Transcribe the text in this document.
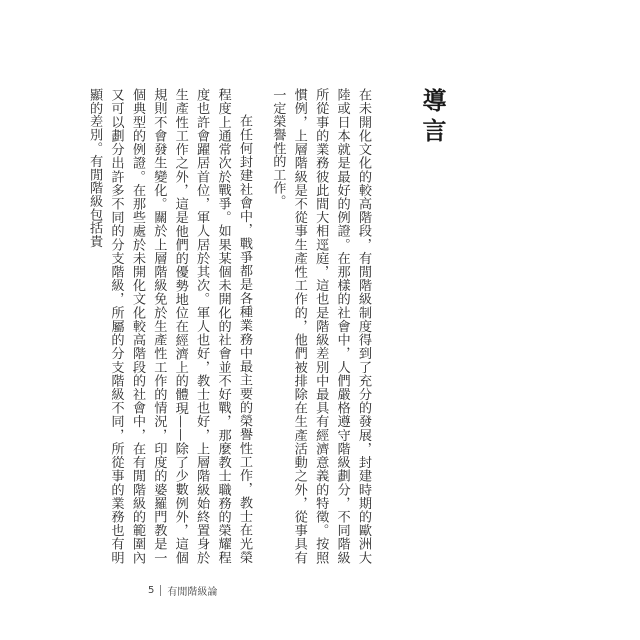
導言

在未開化文化的較高階段，有閒階級制度得到了充分的發展，封建時期的歐洲大陸或日本就是最好的例證。在那樣的社會中，人們嚴格遵守階級劃分，不同階級所從事的業務彼此間大相逕庭，這也是階級差別中最具有經濟意義的特徵。按照慣例，上層階級是不從事生產性工作的，他們被排除在生產活動之外，從事具有一定榮譽性的工作。

在任何封建社會中，戰爭都是各種業務中最主要的榮譽性工作，教士在光榮程度上通常次於戰爭。如果某個未開化的社會並不好戰，那麼教士職務的榮耀程度也許會躍居首位，軍人居於其次。軍人也好，教士也好，上層階級始終置身於生產性工作之外，這是他們的優勢地位在經濟上的體現——除了少數例外，這個規則不會發生變化。關於上層階級免於生產性工作的情況，印度的婆羅門教是一個典型的例證。在那些處於未開化文化較高階段的社會中，在有閒階級的範圍內又可以劃分出許多不同的分支階級，所屬的分支階級不同，所從事的業務也有明顯的差別。有閒階級包括貴

5	有閒階級論
